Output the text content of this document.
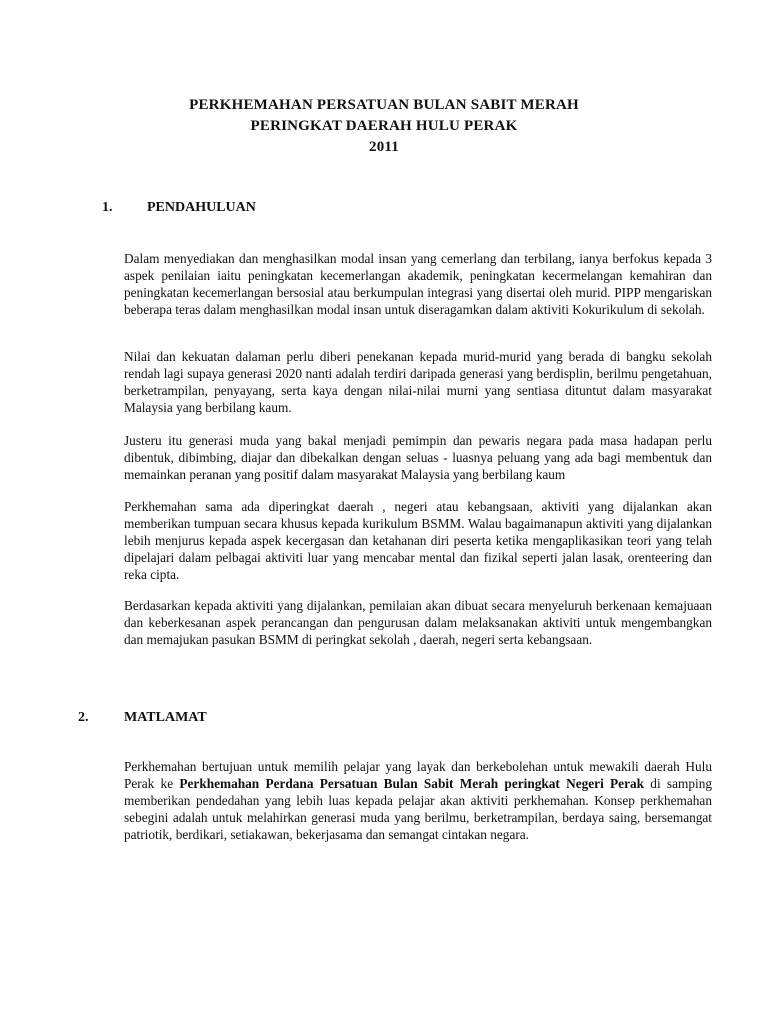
PERKHEMAHAN PERSATUAN BULAN SABIT MERAH
PERINGKAT DAERAH HULU PERAK
2011
1. PENDAHULUAN
Dalam menyediakan dan menghasilkan modal insan yang cemerlang dan terbilang, ianya berfokus kepada 3 aspek penilaian iaitu peningkatan kecemerlangan akademik, peningkatan kecermelangan kemahiran dan peningkatan kecemerlangan bersosial atau berkumpulan integrasi yang disertai oleh murid. PIPP mengariskan beberapa teras dalam menghasilkan modal insan untuk diseragamkan dalam aktiviti Kokurikulum di sekolah.
Nilai dan kekuatan dalaman perlu diberi penekanan kepada murid-murid yang berada di bangku sekolah rendah lagi supaya generasi 2020 nanti adalah terdiri daripada generasi yang berdisplin, berilmu pengetahuan, berketrampilan, penyayang, serta kaya dengan nilai-nilai murni yang sentiasa dituntut dalam masyarakat Malaysia yang berbilang kaum.
Justeru itu generasi muda yang bakal menjadi pemimpin dan pewaris negara pada masa hadapan perlu dibentuk, dibimbing, diajar dan dibekalkan dengan seluas - luasnya peluang yang ada bagi membentuk dan memainkan peranan yang positif dalam masyarakat Malaysia yang berbilang kaum
Perkhemahan sama ada diperingkat daerah , negeri atau kebangsaan, aktiviti yang dijalankan akan memberikan tumpuan secara khusus kepada kurikulum BSMM. Walau bagaimanapun aktiviti yang dijalankan lebih menjurus kepada aspek kecergasan dan ketahanan diri peserta ketika mengaplikasikan teori yang telah dipelajari dalam pelbagai aktiviti luar yang mencabar mental dan fizikal seperti jalan lasak, orenteering dan reka cipta.
Berdasarkan kepada aktiviti yang dijalankan, pemilaian akan dibuat secara menyeluruh berkenaan kemajuaan dan keberkesanan aspek perancangan dan pengurusan dalam melaksanakan aktiviti untuk mengembangkan dan memajukan pasukan BSMM di peringkat sekolah , daerah, negeri serta kebangsaan.
2.	MATLAMAT
Perkhemahan bertujuan untuk memilih pelajar yang layak dan berkebolehan untuk mewakili daerah Hulu Perak ke Perkhemahan Perdana Persatuan Bulan Sabit Merah peringkat Negeri Perak di samping memberikan pendedahan yang lebih luas kepada pelajar akan aktiviti perkhemahan. Konsep perkhemahan sebegini adalah untuk melahirkan generasi muda yang berilmu, berketrampilan, berdaya saing, bersemangat patriotik, berdikari, setiakawan, bekerjasama dan semangat cintakan negara.
